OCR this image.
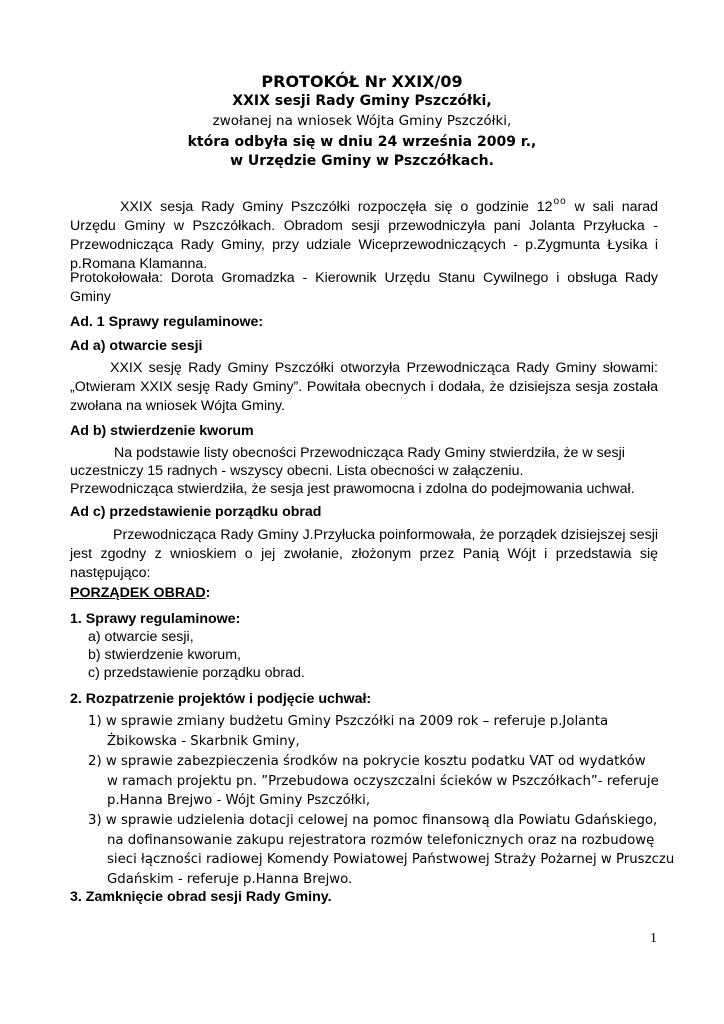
PROTOKÓŁ Nr XXIX/09
XXIX sesji Rady Gminy Pszczółki,
zwołanej na wniosek Wójta Gminy Pszczółki,
która odbyła się w dniu 24 września 2009 r.,
w Urzędzie Gminy w Pszczółkach.
XXIX sesja Rady Gminy Pszczółki rozpoczęła się o godzinie $12^{oo}$ w sali narad Urzędu Gminy w Pszczółkach. Obradom sesji przewodniczyła pani Jolanta Przyłucka - Przewodnicząca Rady Gminy, przy udziale Wiceprzewodniczących - p.Zygmunta Łysika i p.Romana Klamanna.
Protokołowała: Dorota Gromadzka - Kierownik Urzędu Stanu Cywilnego i obsługa Rady Gminy
Ad. 1 Sprawy regulaminowe:
Ad a) otwarcie sesji
XXIX sesję Rady Gminy Pszczółki otworzyła Przewodnicząca Rady Gminy słowami: „Otwieram XXIX sesję Rady Gminy”. Powitała obecnych i dodała, że dzisiejsza sesja została zwołana na wniosek Wójta Gminy.
Ad b) stwierdzenie kworum
Na podstawie listy obecności Przewodnicząca Rady Gminy stwierdziła, że w sesji
uczestniczy 15 radnych - wszyscy obecni. Lista obecności w załączeniu.
Przewodnicząca stwierdziła, że sesja jest prawomocna i zdolna do podejmowania uchwał.
Ad c) przedstawienie porządku obrad
Przewodnicząca Rady Gminy J.Przyłucka poinformowała, że porządek dzisiejszej sesji jest zgodny z wnioskiem o jej zwołanie, złożonym przez Panią Wójt i przedstawia się następująco:
PORZĄDEK OBRAD:
1. Sprawy regulaminowe:
a) otwarcie sesji,
b) stwierdzenie kworum,
c) przedstawienie porządku obrad.
2. Rozpatrzenie projektów i podjęcie uchwał:
1) w sprawie zmiany budżetu Gminy Pszczółki na 2009 rok – referuje p.Jolanta
Żbikowska - Skarbnik Gminy,
2) w sprawie zabezpieczenia środków na pokrycie kosztu podatku VAT od wydatków
w ramach projektu pn. ”Przebudowa oczyszczalni ścieków w Pszczółkach”- referuje
p.Hanna Brejwo - Wójt Gminy Pszczółki,
3) w sprawie udzielenia dotacji celowej na pomoc finansową dla Powiatu Gdańskiego,
na dofinansowanie zakupu rejestratora rozmów telefonicznych oraz na rozbudowę
sieci łączności radiowej Komendy Powiatowej Państwowej Straży Pożarnej w Pruszczu
Gdańskim - referuje p.Hanna Brejwo.
3. Zamknięcie obrad sesji Rady Gminy.
1
